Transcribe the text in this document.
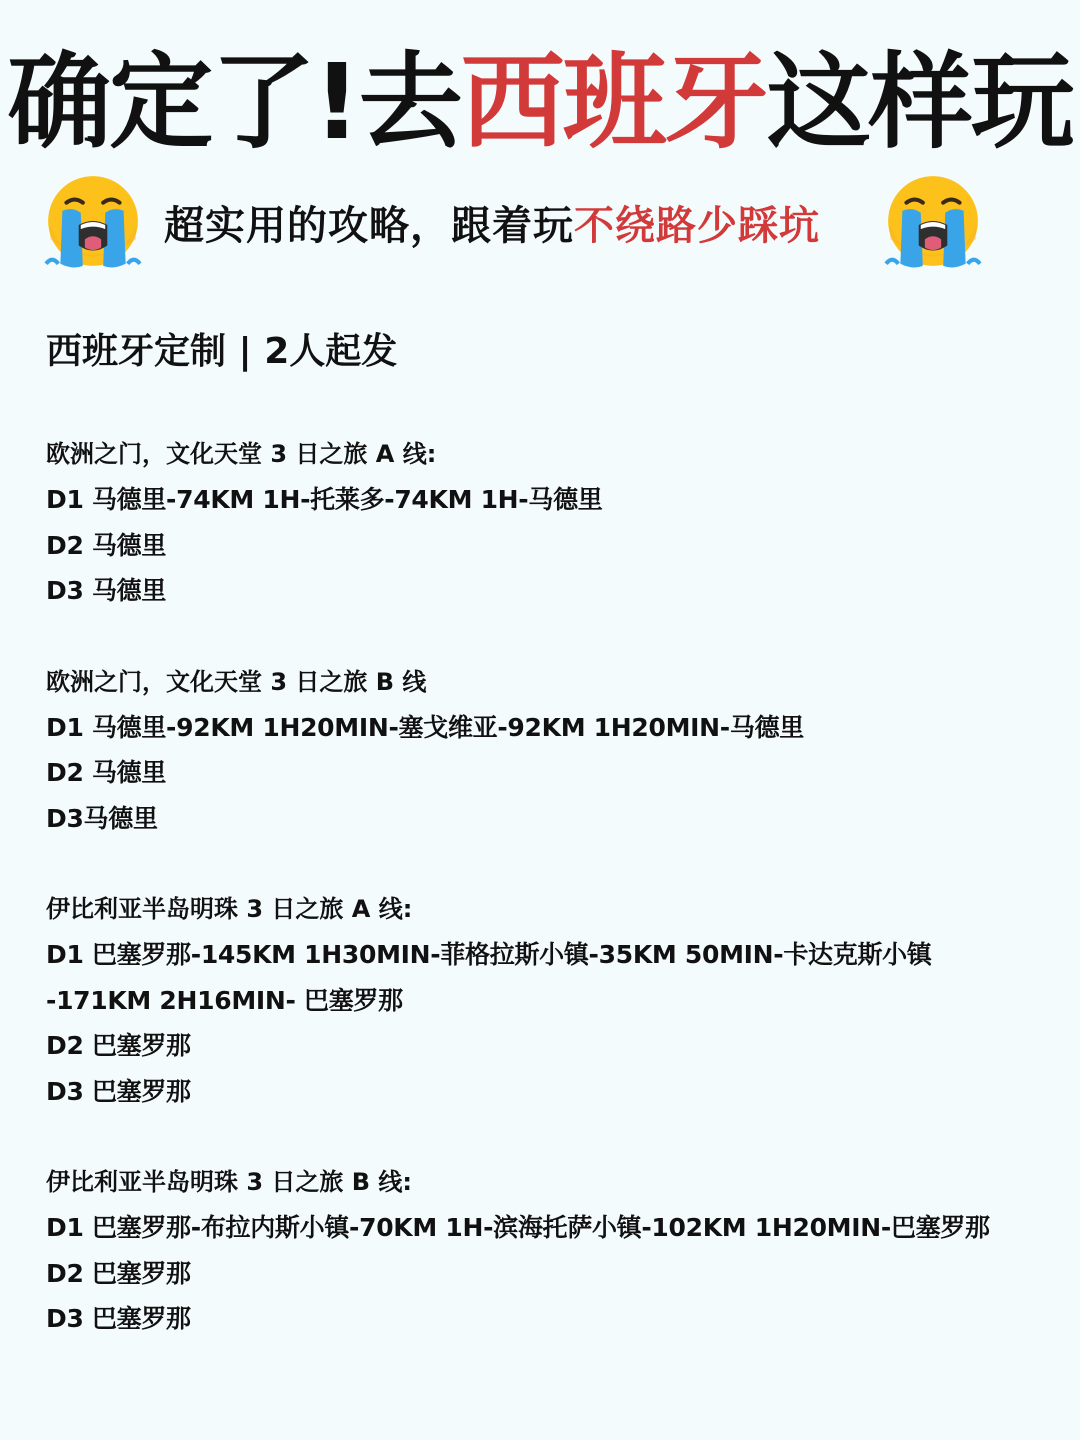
确定了!去西班牙这样玩
超实用的攻略，跟着玩不绕路少踩坑
西班牙定制 | 2人起发
欧洲之门，文化天堂 3 日之旅 A 线:
D1 马德里-74KM 1H-托莱多-74KM 1H-马德里
D2 马德里
D3 马德里
欧洲之门，文化天堂 3 日之旅 B 线
D1 马德里-92KM 1H20MIN-塞戈维亚-92KM 1H20MIN-马德里
D2 马德里
D3马德里
伊比利亚半岛明珠 3 日之旅 A 线:
D1 巴塞罗那-145KM 1H30MIN-菲格拉斯小镇-35KM 50MIN-卡达克斯小镇
-171KM 2H16MIN- 巴塞罗那
D2 巴塞罗那
D3 巴塞罗那
伊比利亚半岛明珠 3 日之旅 B 线:
D1 巴塞罗那-布拉内斯小镇-70KM 1H-滨海托萨小镇-102KM 1H20MIN-巴塞罗那
D2 巴塞罗那
D3 巴塞罗那
